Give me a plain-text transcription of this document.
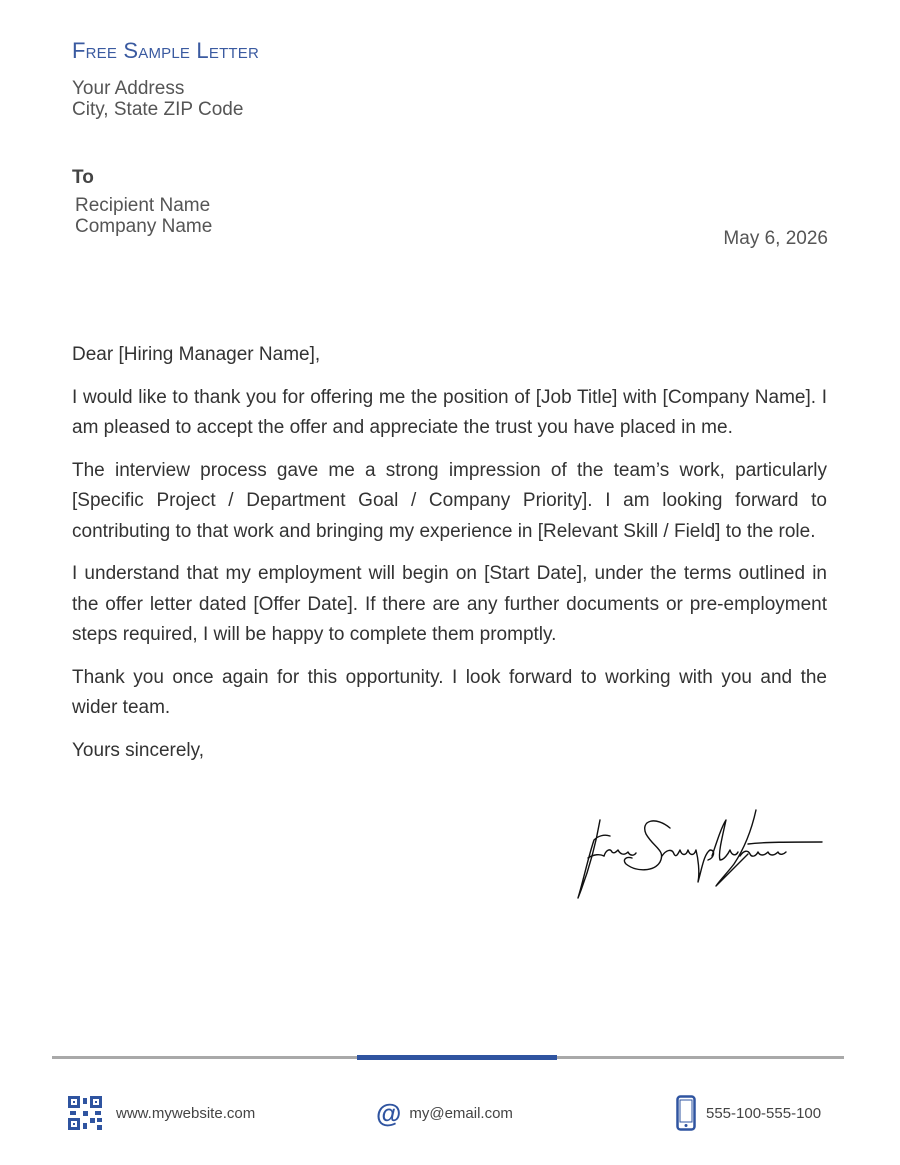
Free Sample Letter
Your Address
City, State ZIP Code
To
Recipient Name
Company Name
May 6, 2026

Dear [Hiring Manager Name],

I would like to thank you for offering me the position of [Job Title] with [Company Name]. I am pleased to accept the offer and appreciate the trust you have placed in me.

The interview process gave me a strong impression of the team’s work, particularly [Specific Project / Department Goal / Company Priority]. I am looking forward to contributing to that work and bringing my experience in [Relevant Skill / Field] to the role.

I understand that my employment will begin on [Start Date], under the terms outlined in the offer letter dated [Offer Date]. If there are any further documents or pre-employment steps required, I will be happy to complete them promptly.

Thank you once again for this opportunity. I look forward to working with you and the wider team.

Yours sincerely,

www.mywebsite.com	@ my@email.com	555-100-555-100
